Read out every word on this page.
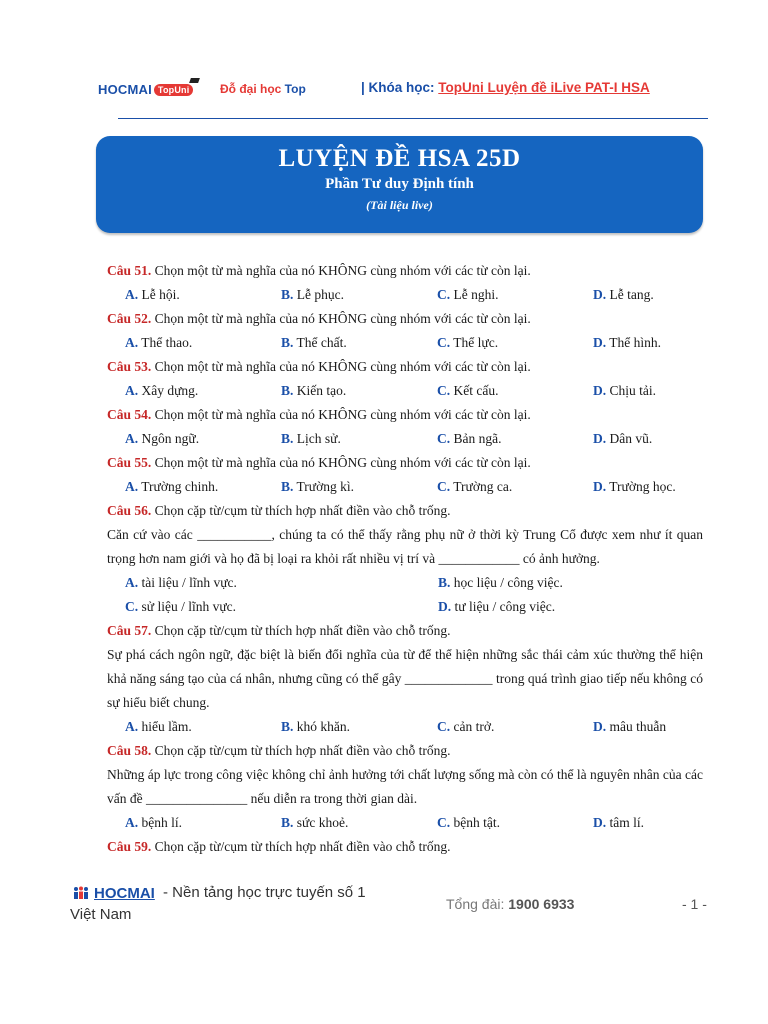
HOCMAI TopUni	Đỗ đại học Top	| Khóa học: TopUni Luyện đề iLive PAT-I HSA
LUYỆN ĐỀ HSA 25D
Phần Tư duy Định tính
(Tài liệu live)
Câu 51. Chọn một từ mà nghĩa của nó KHÔNG cùng nhóm với các từ còn lại.
A. Lễ hội.	B. Lễ phục.	C. Lễ nghi.	D. Lễ tang.
Câu 52. Chọn một từ mà nghĩa của nó KHÔNG cùng nhóm với các từ còn lại.
A. Thể thao.	B. Thể chất.	C. Thể lực.	D. Thể hình.
Câu 53. Chọn một từ mà nghĩa của nó KHÔNG cùng nhóm với các từ còn lại.
A. Xây dựng.	B. Kiến tạo.	C. Kết cấu.	D. Chịu tải.
Câu 54. Chọn một từ mà nghĩa của nó KHÔNG cùng nhóm với các từ còn lại.
A. Ngôn ngữ.	B. Lịch sử.	C. Bản ngã.	D. Dân vũ.
Câu 55. Chọn một từ mà nghĩa của nó KHÔNG cùng nhóm với các từ còn lại.
A. Trường chinh.	B. Trường kì.	C. Trường ca.	D. Trường học.
Câu 56. Chọn cặp từ/cụm từ thích hợp nhất điền vào chỗ trống.
Căn cứ vào các ___________, chúng ta có thể thấy rằng phụ nữ ở thời kỳ Trung Cổ được xem như ít quan trọng hơn nam giới và họ đã bị loại ra khỏi rất nhiều vị trí và ____________ có ảnh hưởng.
A. tài liệu / lĩnh vực.	B. học liệu / công việc.
C. sử liệu / lĩnh vực.	D. tư liệu / công việc.
Câu 57. Chọn cặp từ/cụm từ thích hợp nhất điền vào chỗ trống.
Sự phá cách ngôn ngữ, đặc biệt là biến đổi nghĩa của từ để thể hiện những sắc thái cảm xúc thường thể hiện khả năng sáng tạo của cá nhân, nhưng cũng có thể gây _____________ trong quá trình giao tiếp nếu không có sự hiểu biết chung.
A. hiểu lầm.	B. khó khăn.	C. cản trở.	D. mâu thuẫn
Câu 58. Chọn cặp từ/cụm từ thích hợp nhất điền vào chỗ trống.
Những áp lực trong công việc không chỉ ảnh hưởng tới chất lượng sống mà còn có thể là nguyên nhân của các vấn đề _______________ nếu diễn ra trong thời gian dài.
A. bệnh lí.	B. sức khoẻ.	C. bệnh tật.	D. tâm lí.
Câu 59. Chọn cặp từ/cụm từ thích hợp nhất điền vào chỗ trống.
HOCMAI - Nền tảng học trực tuyến số 1
Việt Nam
Tổng đài: 1900 6933	- 1 -
